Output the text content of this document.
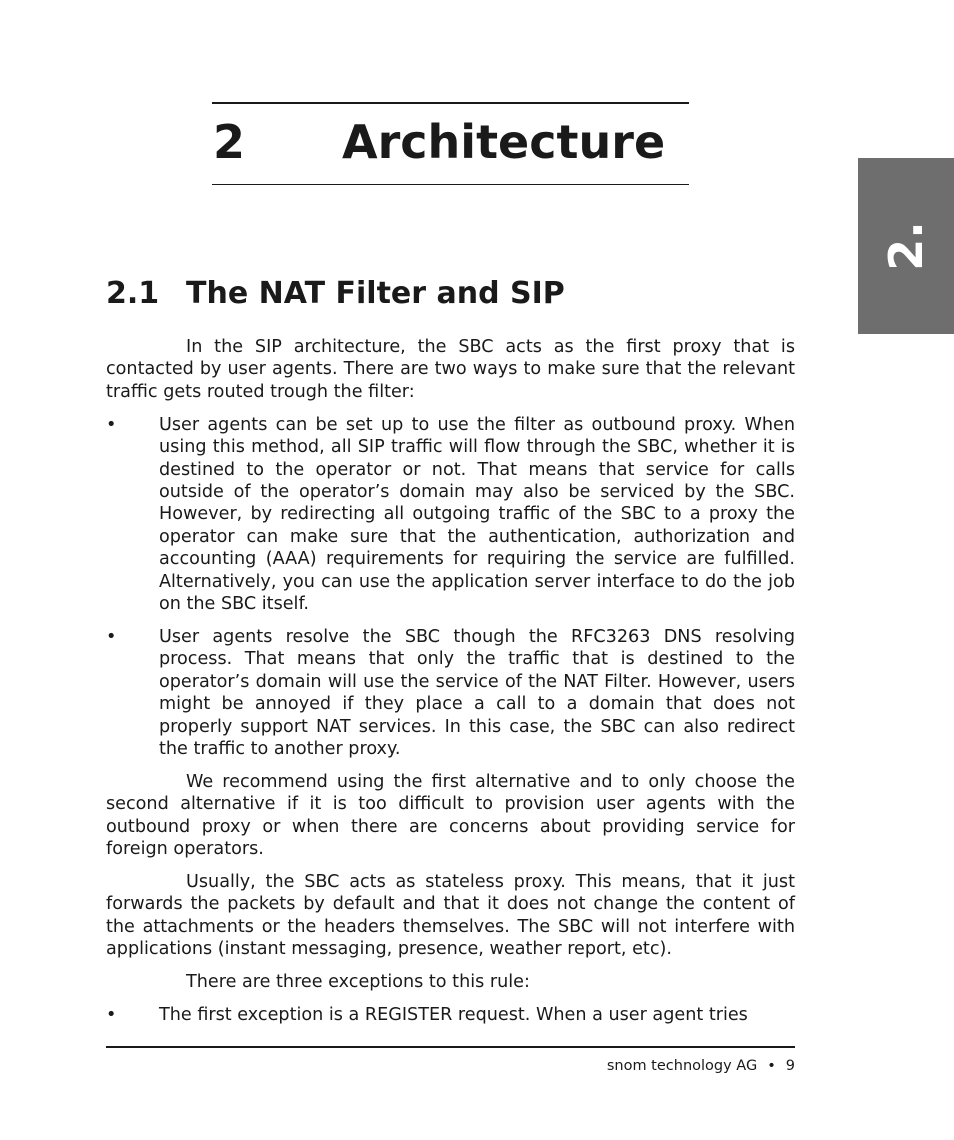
2 Architecture
2.
2.1 The NAT Filter and SIP

In the SIP architecture, the SBC acts as the first proxy that is contacted by user agents. There are two ways to make sure that the relevant traffic gets routed trough the filter:

• User agents can be set up to use the filter as outbound proxy. When using this method, all SIP traffic will flow through the SBC, whether it is destined to the operator or not. That means that service for calls outside of the operator’s domain may also be serviced by the SBC. However, by redirecting all outgoing traffic of the SBC to a proxy the operator can make sure that the authentication, authorization and accounting (AAA) requirements for requiring the service are fulfilled. Alternatively, you can use the application server interface to do the job on the SBC itself.
• User agents resolve the SBC though the RFC3263 DNS resolving process. That means that only the traffic that is destined to the operator’s domain will use the service of the NAT Filter. However, users might be annoyed if they place a call to a domain that does not properly support NAT services. In this case, the SBC can also redirect the traffic to another proxy.

We recommend using the first alternative and to only choose the second alternative if it is too difficult to provision user agents with the outbound proxy or when there are concerns about providing service for foreign operators.

Usually, the SBC acts as stateless proxy. This means, that it just forwards the packets by default and that it does not change the content of the attachments or the headers themselves. The SBC will not interfere with applications (instant messaging, presence, weather report, etc).

There are three exceptions to this rule:

• The first exception is a REGISTER request. When a user agent tries
snom technology AG • 9
